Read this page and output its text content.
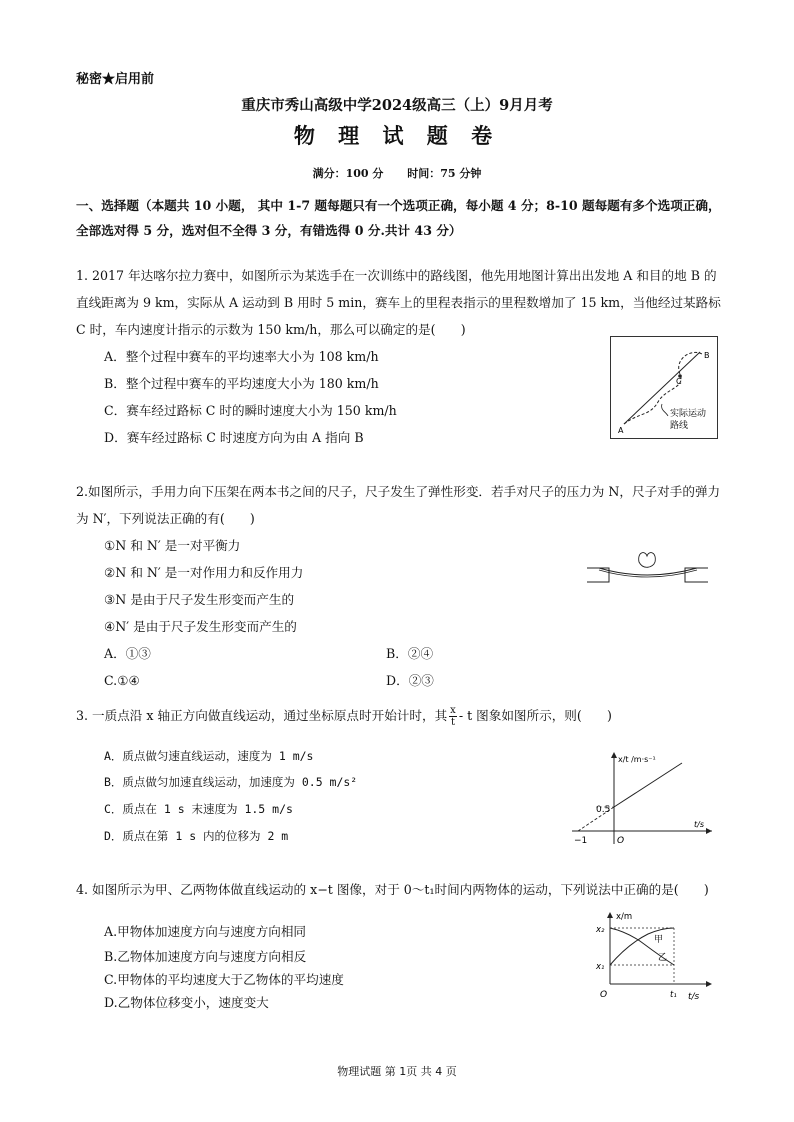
秘密★启用前
重庆市秀山高级中学2024级高三（上）9月月考
物 理 试 题 卷
满分：100 分 时间：75 分钟
一、选择题（本题共 10 小题， 其中 1-7 题每题只有一个选项正确，每小题 4 分；8-10 题每题有多个选项正确，全部选对得 5 分，选对但不全得 3 分，有错选得 0 分.共计 43 分）
1. 2017 年达喀尔拉力赛中，如图所示为某选手在一次训练中的路线图，他先用地图计算出出发地 A 和目的地 B 的直线距离为 9 km，实际从 A 运动到 B 用时 5 min，赛车上的里程表指示的里程数增加了 15 km，当他经过某路标 C 时，车内速度计指示的示数为 150 km/h，那么可以确定的是(　　)
A．整个过程中赛车的平均速率大小为 108 km/h
B．整个过程中赛车的平均速度大小为 180 km/h
C．赛车经过路标 C 时的瞬时速度大小为 150 km/h
D．赛车经过路标 C 时速度方向为由 A 指向 B	A
B
C
实际运动
路线
2.如图所示，手用力向下压架在两本书之间的尺子，尺子发生了弹性形变．若手对尺子的压力为 N，尺子对手的弹力为 N′，下列说法正确的有(　　)
①N 和 N′ 是一对平衡力
②N 和 N′ 是一对作用力和反作用力
③N 是由于尺子发生形变而产生的
④N′ 是由于尺子发生形变而产生的
A．①③	B．②④
C.①④	D．②③
3. 一质点沿 x 轴正方向做直线运动，通过坐标原点时开始计时，其 $\frac{x}{t}$ - t 图象如图所示，则(　　)
A．质点做匀速直线运动，速度为 1 m/s
B．质点做匀加速直线运动，加速度为 0.5 m/s²
C．质点在 1 s 末速度为 1.5 m/s
D．质点在第 1 s 内的位移为 2 m
x/t /m·s⁻¹
t/s
0.5
−1	O
4. 如图所示为甲、乙两物体做直线运动的 x−t 图像，对于 0～t₁时间内两物体的运动，下列说法中正确的是(　　)
A.甲物体加速度方向与速度方向相同
B.乙物体加速度方向与速度方向相反
C.甲物体的平均速度大于乙物体的平均速度
D.乙物体位移变小，速度变大
x/m
t/s
x₂
x₁
t₁
O
甲
乙
物理试题 第 1页 共 4 页
